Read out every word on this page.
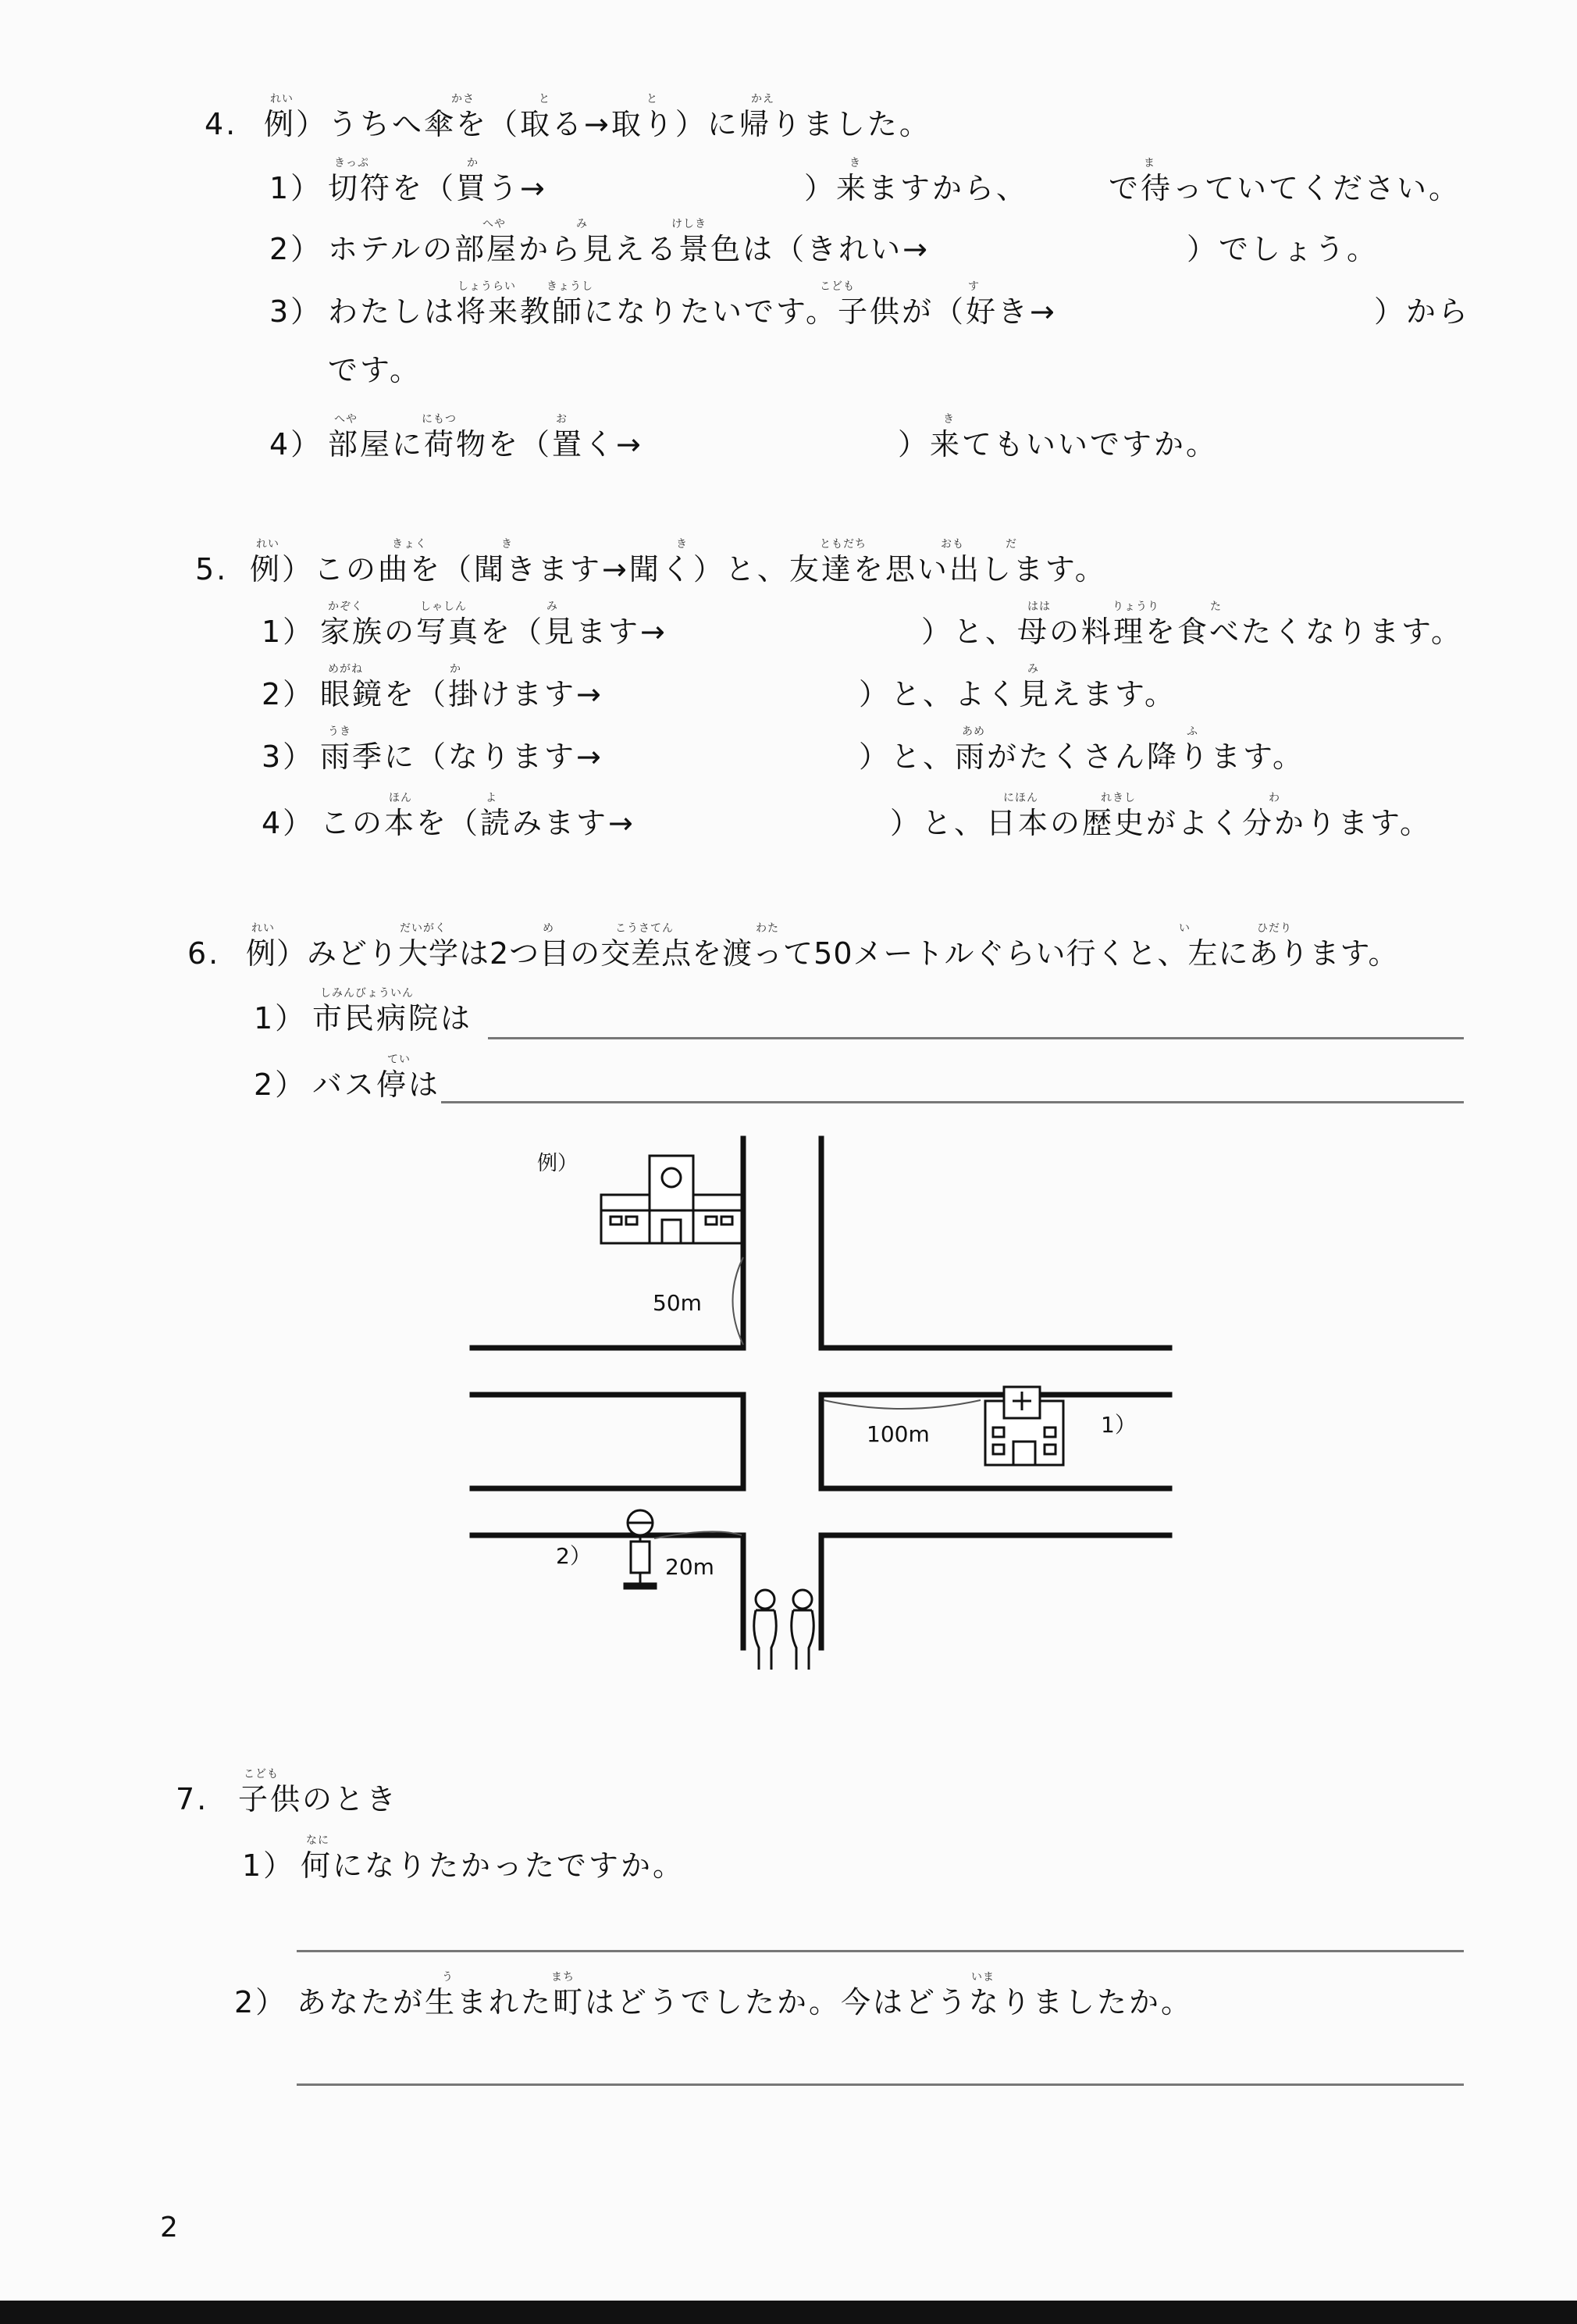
4. 例）うちへ傘を（取る→取り）に帰りました。
れい	かさ	と	と	かえ
1） 切符を（買う→
きっぷ	か
）来ますから、
き
で待っていてください。
ま
2） ホテルの部屋から見える景色は（きれい→
へや	み	けしき
）でしょう。
3） わたしは将来教師になりたいです。子供が（好き→
しょうらい	きょうし	こども	す
）から
です。
4） 部屋に荷物を（置く→
へや	にもつ	お
）来てもいいですか。
き
5. 例）この曲を（聞きます→聞く）と、友達を思い出します。
れい	きょく	き	き	ともだち	おも	だ
1） 家族の写真を（見ます→
かぞく	しゃしん	み
）と、母の料理を食べたくなります。
はは	りょうり	た
2） 眼鏡を（掛けます→
めがね	か
）と、よく見えます。
み
3） 雨季に（なります→
うき
）と、雨がたくさん降ります。
あめ	ふ
4） この本を（読みます→
ほん	よ
）と、日本の歴史がよく分かります。
にほん	れきし	わ
6. 例）みどり大学は2つ目の交差点を渡って50メートルぐらい行くと、左にあります。
れい	だいがく	め	こうさてん	わた	い	ひだり
1） 市民病院は
しみんびょういん
2） バス停は
てい
例）
50m
100m	1）
20m
2）
7. 子供のとき
こども
1） 何になりたかったですか。
なに
2） あなたが生まれた町はどうでしたか。今はどうなりましたか。
う	まち	いま
2
